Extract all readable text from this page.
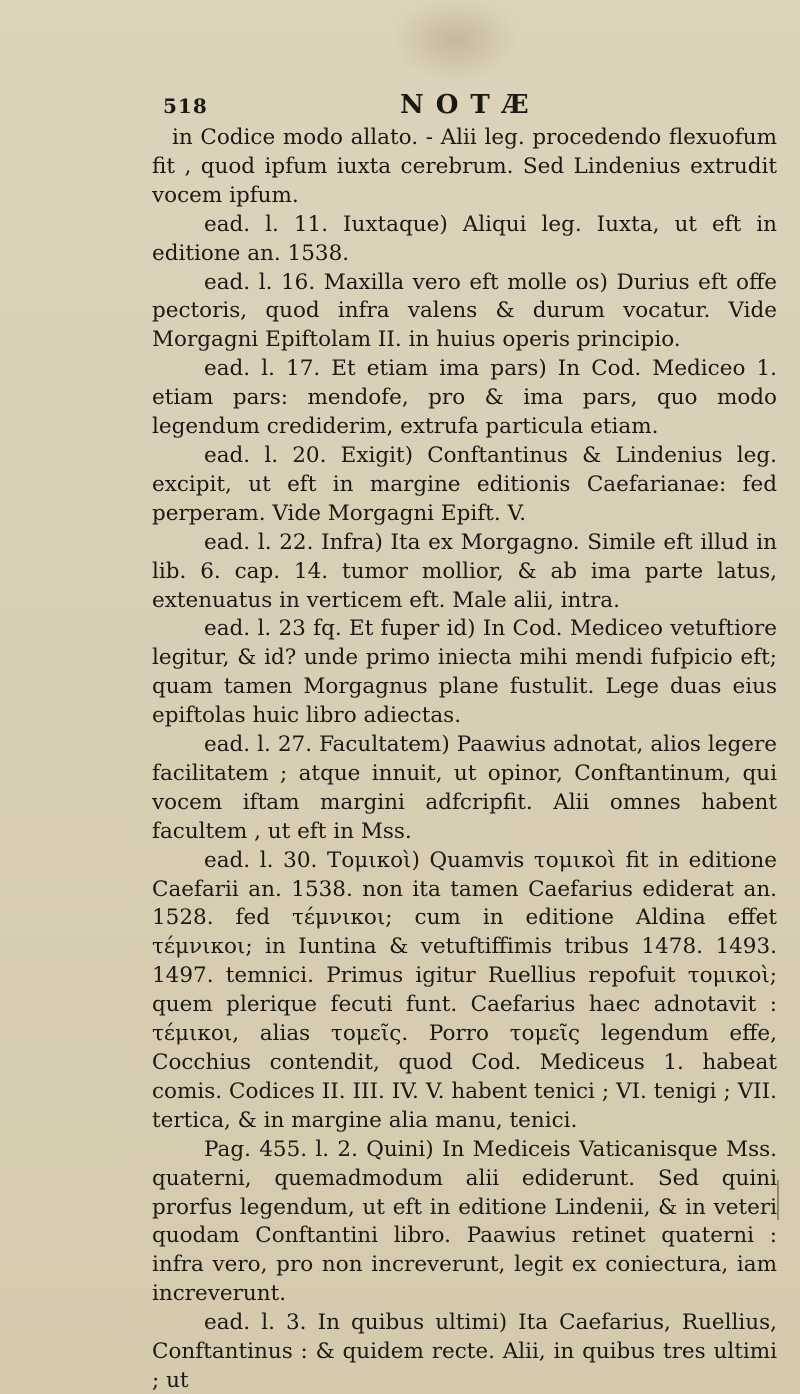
518	NOTÆ

in Codice modo allato. - Alii leg. procedendo flexuofum fit , quod ipfum iuxta cerebrum. Sed Lindenius extrudit vocem ipfum.

ead. l. 11. Iuxtaque) Aliqui leg. Iuxta, ut eft in editione an. 1538.

ead. l. 16. Maxilla vero eft molle os) Durius eft offe pectoris, quod infra valens & durum vocatur. Vide Morgagni Epiftolam II. in huius operis principio.

ead. l. 17. Et etiam ima pars) In Cod. Mediceo 1. etiam pars: mendofe, pro & ima pars, quo modo legendum crediderim, extrufa particula etiam.

ead. l. 20. Exigit) Conftantinus & Lindenius leg. excipit, ut eft in margine editionis Caefarianae: fed perperam. Vide Morgagni Epift. V.

ead. l. 22. Infra) Ita ex Morgagno. Simile eft illud in lib. 6. cap. 14. tumor mollior, & ab ima parte latus, extenuatus in verticem eft. Male alii, intra.

ead. l. 23 fq. Et fuper id) In Cod. Mediceo vetuftiore legitur, & id? unde primo iniecta mihi mendi fufpicio eft; quam tamen Morgagnus plane fustulit. Lege duas eius epiftolas huic libro adiectas.

ead. l. 27. Facultatem) Paawius adnotat, alios legere facilitatem ; atque innuit, ut opinor, Conftantinum, qui vocem iftam margini adfcripfit. Alii omnes habent facultem , ut eft in Mss.

ead. l. 30. Τομικοὶ) Quamvis τομικοὶ fit in editione Caefarii an. 1538. non ita tamen Caefarius ediderat an. 1528. fed τέμνικοι; cum in editione Aldina effet τέμνικοι; in Iuntina & vetuftiffimis tribus 1478. 1493. 1497. temnici. Primus igitur Ruellius repofuit τομικοὶ; quem plerique fecuti funt. Caefarius haec adnotavit : τέμικοι, alias τομεῖς. Porro τομεῖς legendum effe, Cocchius contendit, quod Cod. Mediceus 1. habeat comis. Codices II. III. IV. V. habent tenici ; VI. tenigi ; VII. tertica, & in margine alia manu, tenici.

Pag. 455. l. 2. Quini) In Mediceis Vaticanisque Mss. quaterni, quemadmodum alii ediderunt. Sed quini prorfus legendum, ut eft in editione Lindenii, & in veteri quodam Conftantini libro. Paawius retinet quaterni : infra vero, pro non increverunt, legit ex coniectura, iam increverunt.

ead. l. 3. In quibus ultimi) Ita Caefarius, Ruellius, Conftantinus : & quidem recte. Alii, in quibus tres ultimi ; ut
